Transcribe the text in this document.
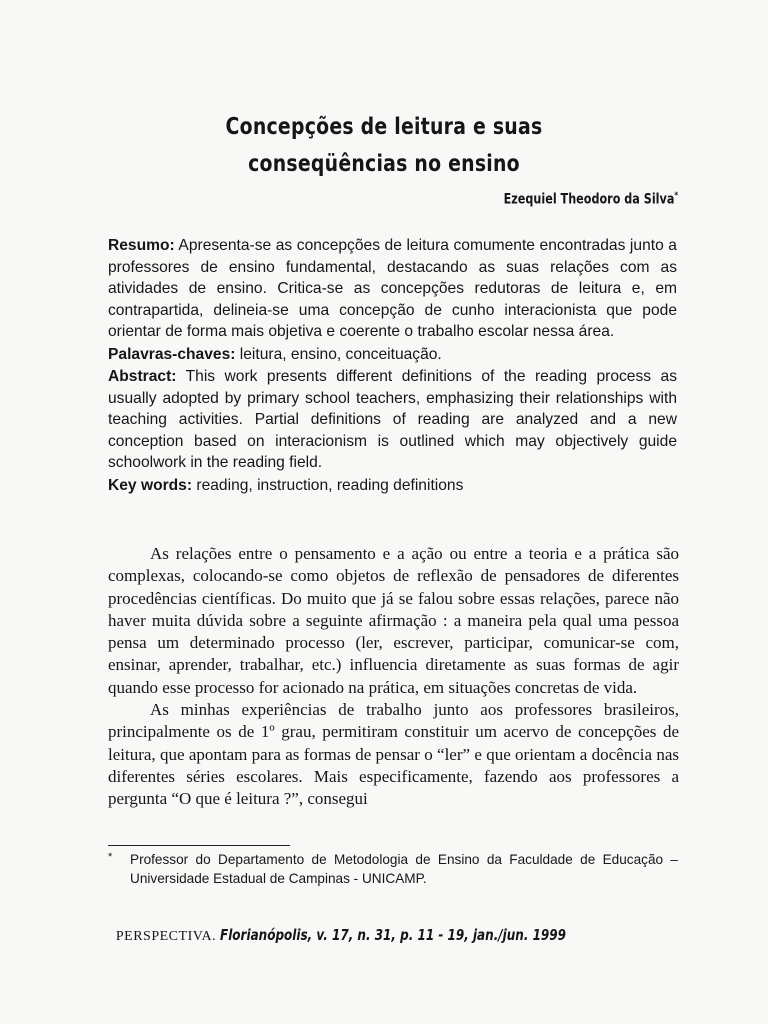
Concepções de leitura e suas
conseqüências no ensino
Ezequiel Theodoro da Silva*

Resumo: Apresenta-se as concepções de leitura comumente encontradas junto a professores de ensino fundamental, destacando as suas relações com as atividades de ensino. Critica-se as concepções redutoras de leitura e, em contrapartida, delineia-se uma concepção de cunho interacionista que pode orientar de forma mais objetiva e coerente o trabalho escolar nessa área.

Palavras-chaves: leitura, ensino, conceituação.

Abstract: This work presents different definitions of the reading process as usually adopted by primary school teachers, emphasizing their relationships with teaching activities. Partial definitions of reading are analyzed and a new conception based on interacionism is outlined which may objectively guide schoolwork in the reading field.

Key words: reading, instruction, reading definitions

As relações entre o pensamento e a ação ou entre a teoria e a prática são complexas, colocando-se como objetos de reflexão de pensadores de diferentes procedências científicas. Do muito que já se falou sobre essas relações, parece não haver muita dúvida sobre a seguinte afirmação : a maneira pela qual uma pessoa pensa um determinado processo (ler, escrever, participar, comunicar-se com, ensinar, aprender, trabalhar, etc.) influencia diretamente as suas formas de agir quando esse processo for acionado na prática, em situações concretas de vida.

As minhas experiências de trabalho junto aos professores brasileiros, principalmente os de 1º grau, permitiram constituir um acervo de concepções de leitura, que apontam para as formas de pensar o “ler” e que orientam a docência nas diferentes séries escolares. Mais especificamente, fazendo aos professores a pergunta “O que é leitura ?”, consegui

*	Professor do Departamento de Metodologia de Ensino da Faculdade de Educação – Universidade Estadual de Campinas - UNICAMP.
PERSPECTIVA. Florianópolis, v. 17, n. 31, p. 11 - 19, jan./jun. 1999
